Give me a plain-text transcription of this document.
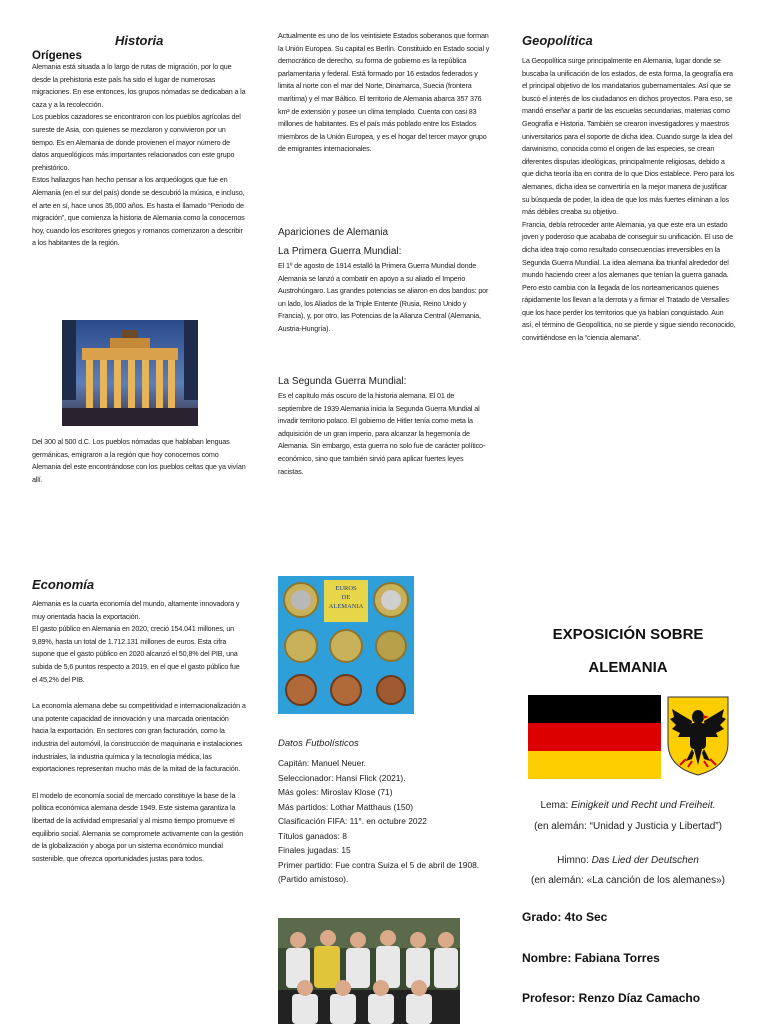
Historia
Orígenes

Alemania está situada a lo largo de rutas de migración, por lo que desde la prehistoria este país ha sido el lugar de numerosas migraciones. En ese entonces, los grupos nómadas se dedicaban a la caza y a la recolección.

Los pueblos cazadores se encontraron con los pueblos agrícolas del sureste de Asia, con quienes se mezclaron y convivieron por un tiempo. Es en Alemania de donde provienen el mayor número de datos arqueológicos más importantes relacionados con este grupo prehistórico.

Estos hallazgos han hecho pensar a los arqueólogos que fue en Alemania (en el sur del país) donde se descubrió la música, e incluso, el arte en sí, hace unos 35,000 años. Es hasta el llamado “Periodo de migración”, que comienza la historia de Alemania como la conocemos hoy, cuando los escritores griegos y romanos comenzaron a describir a los habitantes de la región.

Del 300 al 500 d.C. Los pueblos nómadas que hablaban lenguas germánicas, emigraron a la región que hoy conocemos como Alemania del este encontrándose con los pueblos celtas que ya vivían allí.
Actualmente es uno de los veintisiete Estados soberanos que forman la Unión Europea. Su capital es Berlín. Constituido en Estado social y democrático de derecho, su forma de gobierno es la república parlamentaria y federal. Está formado por 16 estados federados y limita al norte con el mar del Norte, Dinamarca, Suecia (frontera marítima) y el mar Báltico. El territorio de Alemania abarca 357 376 km² de extensión y posee un clima templado. Cuenta con casi 83 millones de habitantes. Es el país más poblado entre los Estados miembros de la Unión Europea, y es el hogar del tercer mayor grupo de emigrantes internacionales.
Apariciones de Alemania
La Primera Guerra Mundial:
El 1º de agosto de 1914 estalló la Primera Guerra Mundial donde Alemania se lanzó a combatir en apoyo a su aliado el Imperio Austrohúngaro. Las grandes potencias se aliaron en dos bandos: por un lado, los Aliados de la Triple Entente (Rusia, Reino Unido y Francia), y, por otro, las Potencias de la Alianza Central (Alemania, Austria-Hungría).
La Segunda Guerra Mundial:
Es el capítulo más oscuro de la historia alemana. El 01 de septiembre de 1939 Alemania inicia la Segunda Guerra Mundial al invadir territorio polaco. El gobierno de Hitler tenía como meta la adquisición de un gran imperio, para alcanzar la hegemonía de Alemania. Sin embargo, esta guerra no solo fue de carácter político-económico, sino que también sirvió para aplicar fuertes leyes racistas.
Geopolítica

La Geopolítica surge principalmente en Alemania, lugar donde se buscaba la unificación de los estados, de esta forma, la geografía era el principal objetivo de los mandatarios gubernamentales. Así que se buscó el interés de los ciudadanos en dichos proyectos. Para eso, se mandó enseñar a partir de las escuelas secundarias, materias como Geografía e Historia. También se crearon investigadores y maestros universitarios para el soporte de dicha idea. Cuando surge la idea del darwinismo, conocida como el origen de las especies, se crean diferentes disputas ideológicas, principalmente religiosas, debido a que dicha teoría iba en contra de lo que Dios establece. Pero para los alemanes, dicha idea se convertiría en la mejor manera de justificar su búsqueda de poder, la idea de que los más fuertes eliminan a los más débiles creaba su objetivo.

Francia, debía retroceder ante Alemania, ya que este era un estado joven y poderoso que acababa de conseguir su unificación. El uso de dicha idea trajo como resultado consecuencias irreversibles en la Segunda Guerra Mundial. La idea alemana iba triunfal alrededor del mundo haciendo creer a los alemanes que tenían la guerra ganada. Pero esto cambia con la llegada de los norteamericanos quienes rápidamente los llevan a la derrota y a firmar el Tratado de Versalles que los hace perder los territorios que ya habían conquistado. Aun así, el término de Geopolítica, no se pierde y sigue siendo reconocido, convirtiéndose en la “ciencia alemana”.

Economía

Alemania es la cuarta economía del mundo, altamente innovadora y muy orientada hacia la exportación.

El gasto público en Alemania en 2020, creció 154.041 millones, un 9,89%, hasta un total de 1.712.131 millones de euros. Esta cifra supone que el gasto público en 2020 alcanzó el 50,8% del PIB, una subida de 5,6 puntos respecto a 2019, en el que el gasto público fue el 45,2% del PIB.

La economía alemana debe su competitividad e internacionalización a una potente capacidad de innovación y una marcada orientación hacia la exportación. En sectores con gran facturación, como la industria del automóvil, la construcción de maquinaria e instalaciones industriales, la industria química y la tecnología médica, las exportaciones representan mucho más de la mitad de la facturación.

El modelo de economía social de mercado constituye la base de la política económica alemana desde 1949. Este sistema garantiza la libertad de la actividad empresarial y al mismo tiempo promueve el equilibrio social. Alemania se compromete activamente con la gestión de la globalización y aboga por un sistema económico mundial sostenible, que ofrezca oportunidades justas para todos.

EUROS
DE
ALEMANIA
Datos Futbolísticos
Capitán: Manuel Neuer.
Seleccionador: Hansi Flick (2021).
Más goles: Miroslav Klose (71)
Más partidos: Lothar Matthaus (150)
Clasificación FIFA: 11°. en octubre 2022
Títulos ganados: 8
Finales jugadas: 15
Primer partido: Fue contra Suiza el 5 de abril de 1908. (Partido amistoso).
EXPOSICIÓN SOBRE
ALEMANIA
Lema: Einigkeit und Recht und Freiheit.
(en alemán: “Unidad y Justicia y Libertad”)
Himno: Das Lied der Deutschen
(en alemán: «La canción de los alemanes»)
Grado: 4to Sec
Nombre: Fabiana Torres
Profesor: Renzo Díaz Camacho
